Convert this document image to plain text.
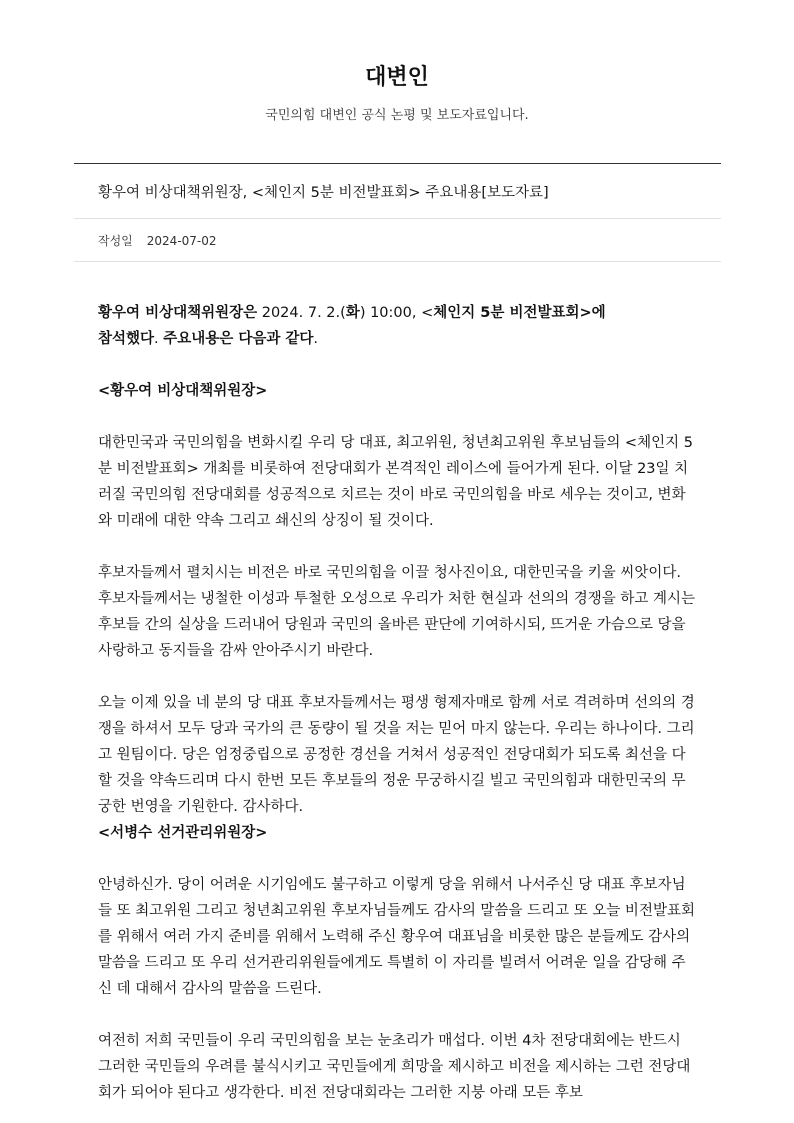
대변인
국민의힘 대변인 공식 논평 및 보도자료입니다.
황우여 비상대책위원장, <체인지 5분 비전발표회> 주요내용[보도자료]
작성일 2024-07-02

황우여 비상대책위원장은 2024. 7. 2.(화) 10:00, <체인지 5분 비전발표회>에
참석했다. 주요내용은 다음과 같다.

<황우여 비상대책위원장>

대한민국과 국민의힘을 변화시킬 우리 당 대표, 최고위원, 청년최고위원 후보님들의 <체인지 5분 비전발표회> 개최를 비롯하여 전당대회가 본격적인 레이스에 들어가게 된다. 이달 23일 치러질 국민의힘 전당대회를 성공적으로 치르는 것이 바로 국민의힘을 바로 세우는 것이고, 변화와 미래에 대한 약속 그리고 쇄신의 상징이 될 것이다.

후보자들께서 펼치시는 비전은 바로 국민의힘을 이끌 청사진이요, 대한민국을 키울 씨앗이다. 후보자들께서는 냉철한 이성과 투철한 오성으로 우리가 처한 현실과 선의의 경쟁을 하고 계시는 후보들 간의 실상을 드러내어 당원과 국민의 올바른 판단에 기여하시되, 뜨거운 가슴으로 당을 사랑하고 동지들을 감싸 안아주시기 바란다.

오늘 이제 있을 네 분의 당 대표 후보자들께서는 평생 형제자매로 함께 서로 격려하며 선의의 경쟁을 하셔서 모두 당과 국가의 큰 동량이 될 것을 저는 믿어 마지 않는다. 우리는 하나이다. 그리고 원팀이다. 당은 엄정중립으로 공정한 경선을 거쳐서 성공적인 전당대회가 되도록 최선을 다할 것을 약속드리며 다시 한번 모든 후보들의 정운 무궁하시길 빌고 국민의힘과 대한민국의 무궁한 번영을 기원한다. 감사하다.

<서병수 선거관리위원장>

안녕하신가. 당이 어려운 시기임에도 불구하고 이렇게 당을 위해서 나서주신 당 대표 후보자님들 또 최고위원 그리고 청년최고위원 후보자님들께도 감사의 말씀을 드리고 또 오늘 비전발표회를 위해서 여러 가지 준비를 위해서 노력해 주신 황우여 대표님을 비롯한 많은 분들께도 감사의 말씀을 드리고 또 우리 선거관리위원들에게도 특별히 이 자리를 빌려서 어려운 일을 감당해 주신 데 대해서 감사의 말씀을 드린다.

여전히 저희 국민들이 우리 국민의힘을 보는 눈초리가 매섭다. 이번 4차 전당대회에는 반드시 그러한 국민들의 우려를 불식시키고 국민들에게 희망을 제시하고 비전을 제시하는 그런 전당대회가 되어야 된다고 생각한다. 비전 전당대회라는 그러한 지붕 아래 모든 후보
